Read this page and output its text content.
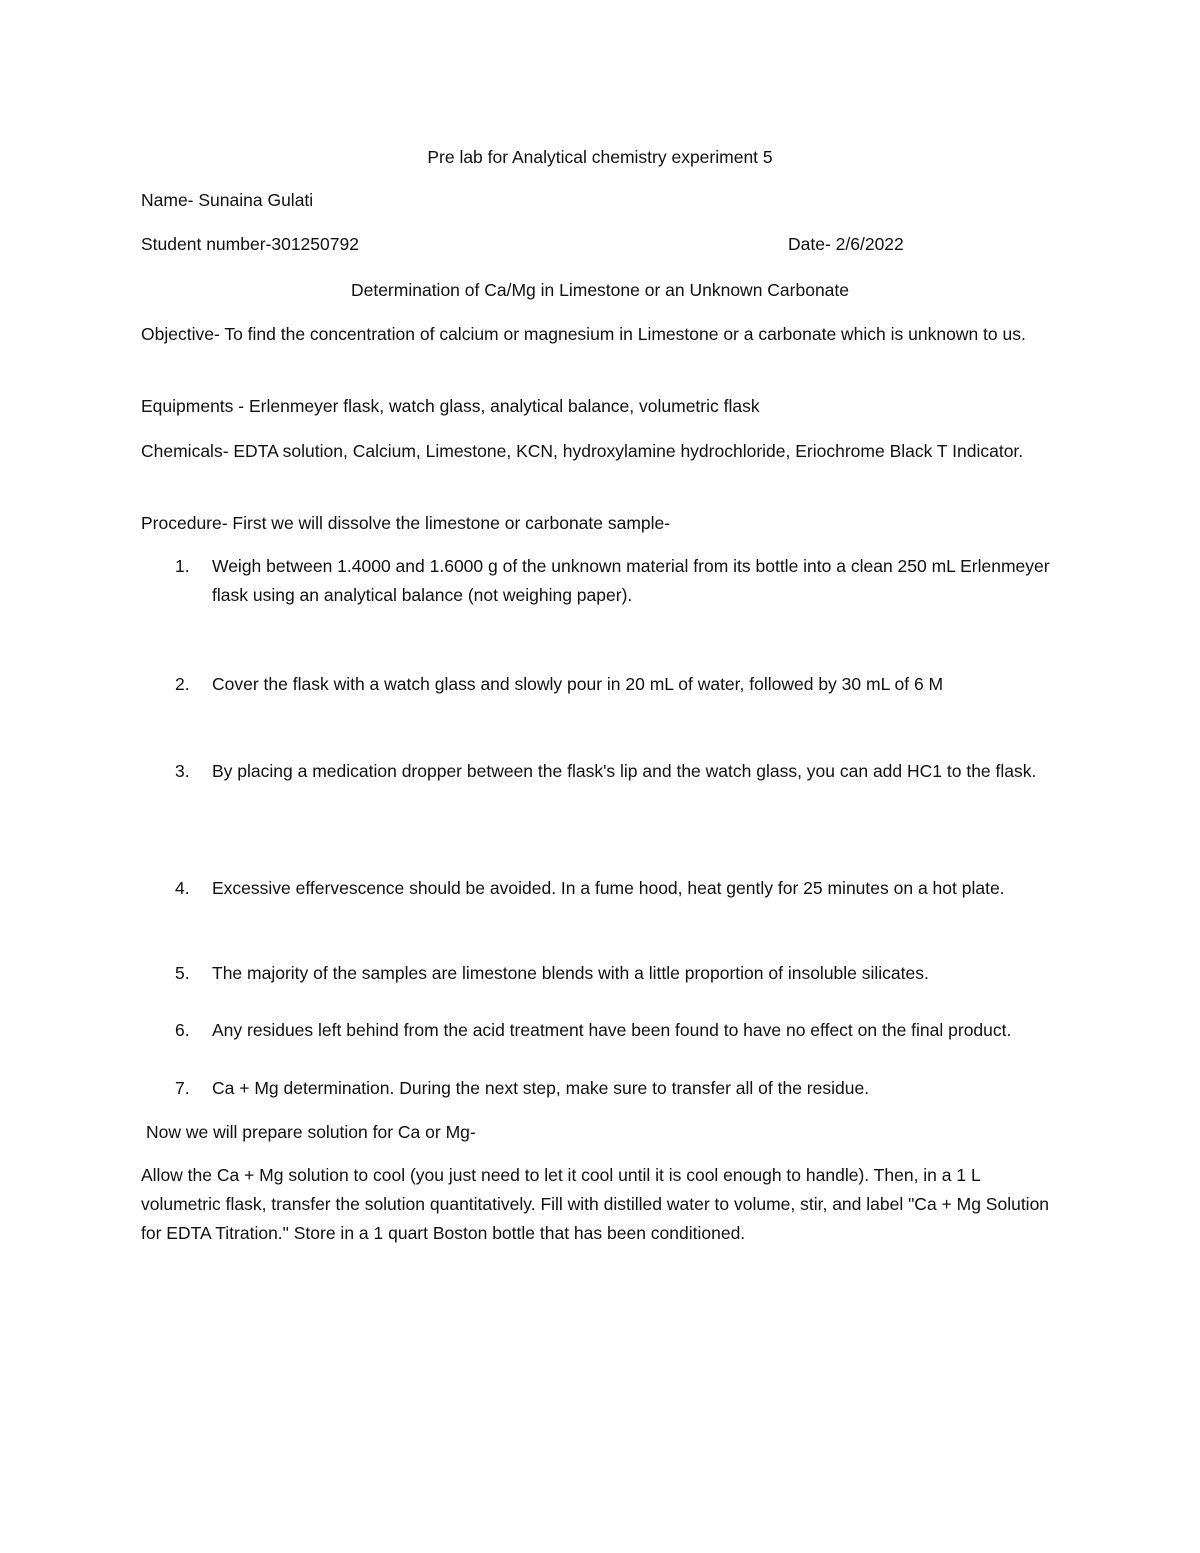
Pre lab for Analytical chemistry experiment 5
Name- Sunaina Gulati
Student number-301250792	Date- 2/6/2022
Determination of Ca/Mg in Limestone or an Unknown Carbonate
Objective- To find the concentration of calcium or magnesium in Limestone or a carbonate which is unknown to us.
Equipments - Erlenmeyer flask, watch glass, analytical balance, volumetric flask
Chemicals- EDTA solution, Calcium, Limestone, KCN, hydroxylamine hydrochloride, Eriochrome Black T Indicator.
Procedure- First we will dissolve the limestone or carbonate sample-
1.	Weigh between 1.4000 and 1.6000 g of the unknown material from its bottle into a clean 250 mL Erlenmeyer flask using an analytical balance (not weighing paper).
2.	Cover the flask with a watch glass and slowly pour in 20 mL of water, followed by 30 mL of 6 M
3.	By placing a medication dropper between the flask's lip and the watch glass, you can add HC1 to the flask.
4.	Excessive effervescence should be avoided. In a fume hood, heat gently for 25 minutes on a hot plate.
5.	The majority of the samples are limestone blends with a little proportion of insoluble silicates.
6.	Any residues left behind from the acid treatment have been found to have no effect on the final product.
7.	Ca + Mg determination. During the next step, make sure to transfer all of the residue.
Now we will prepare solution for Ca or Mg-
Allow the Ca + Mg solution to cool (you just need to let it cool until it is cool enough to handle). Then, in a 1 L volumetric flask, transfer the solution quantitatively. Fill with distilled water to volume, stir, and label "Ca + Mg Solution for EDTA Titration." Store in a 1 quart Boston bottle that has been conditioned.
